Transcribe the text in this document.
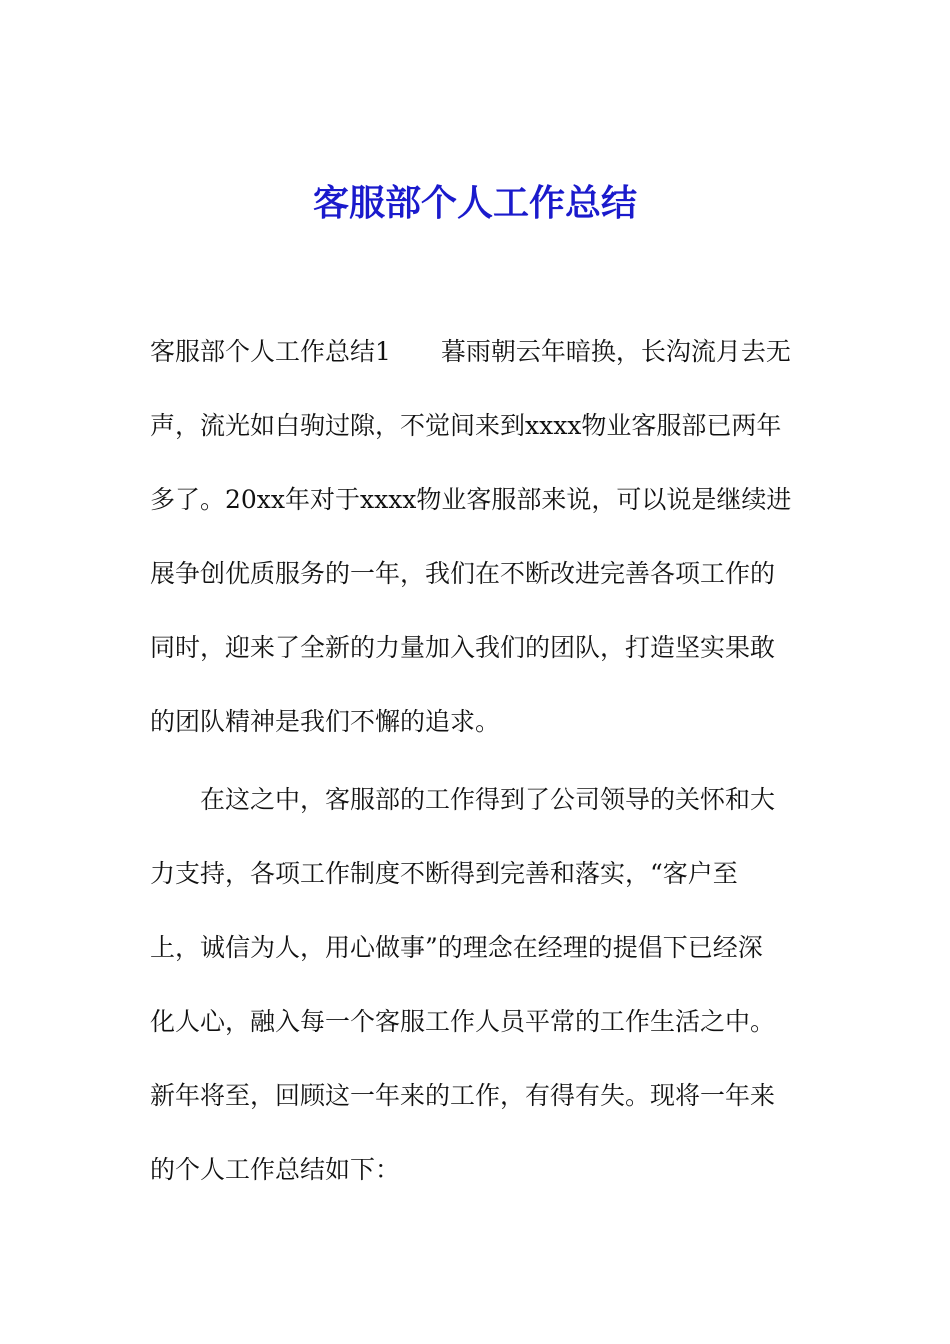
客服部个人工作总结
客服部个人工作总结1　　暮雨朝云年暗换，长沟流月去无
声，流光如白驹过隙，不觉间来到xxxx物业客服部已两年
多了。20xx年对于xxxx物业客服部来说，可以说是继续进
展争创优质服务的一年，我们在不断改进完善各项工作的
同时，迎来了全新的力量加入我们的团队，打造坚实果敢
的团队精神是我们不懈的追求。
　　在这之中，客服部的工作得到了公司领导的关怀和大
力支持，各项工作制度不断得到完善和落实，“客户至
上，诚信为人，用心做事”的理念在经理的提倡下已经深
化人心，融入每一个客服工作人员平常的工作生活之中。
新年将至，回顾这一年来的工作，有得有失。现将一年来
的个人工作总结如下：
